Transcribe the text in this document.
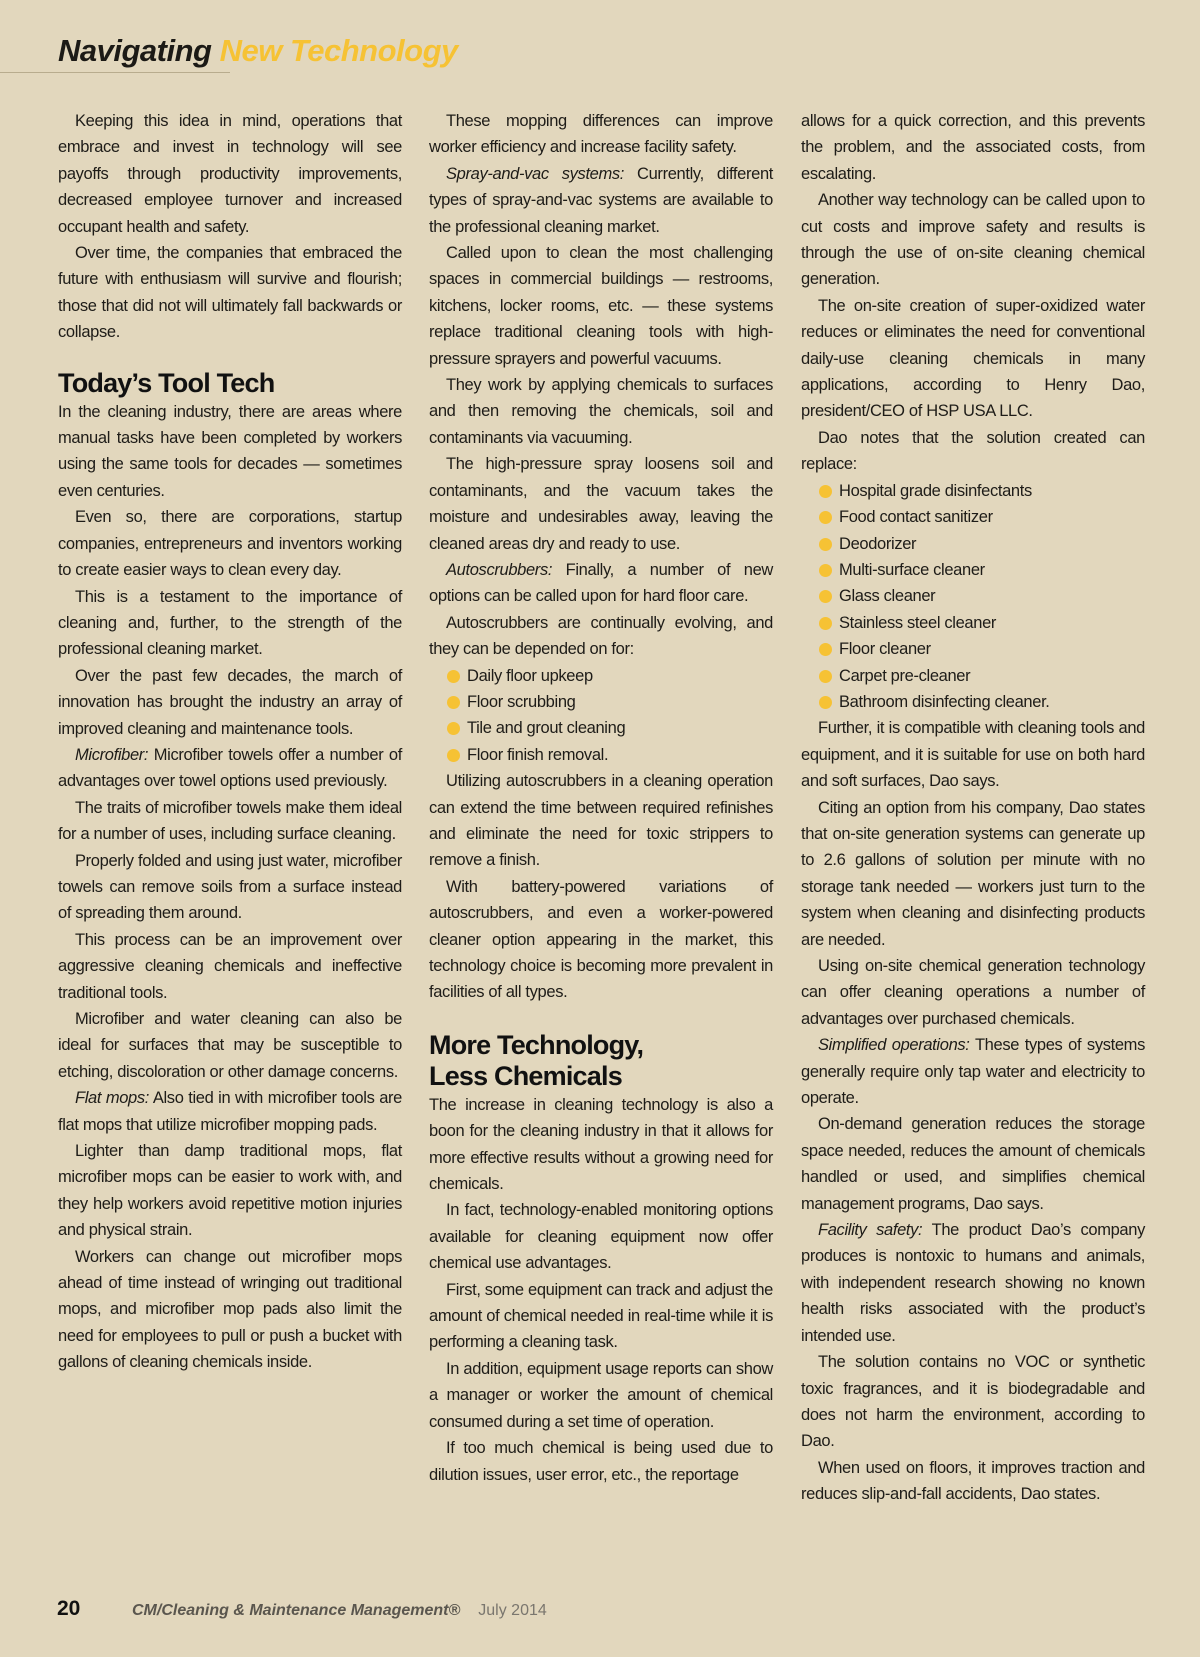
Navigating New Technology

Keeping this idea in mind, operations that embrace and invest in technology will see payoffs through productivity improvements, decreased employee turnover and increased occupant health and safety.

Over time, the companies that embraced the future with enthusiasm will survive and flourish; those that did not will ultimately fall backwards or collapse.

Today’s Tool Tech

In the cleaning industry, there are areas where manual tasks have been completed by workers using the same tools for decades — sometimes even centuries.

Even so, there are corporations, startup companies, entrepreneurs and inventors working to create easier ways to clean every day.

This is a testament to the importance of cleaning and, further, to the strength of the professional cleaning market.

Over the past few decades, the march of innovation has brought the industry an array of improved cleaning and maintenance tools.

Microfiber: Microfiber towels offer a number of advantages over towel options used previously.

The traits of microfiber towels make them ideal for a number of uses, including surface cleaning.

Properly folded and using just water, microfiber towels can remove soils from a surface instead of spreading them around.

This process can be an improvement over aggressive cleaning chemicals and ineffective traditional tools.

Microfiber and water cleaning can also be ideal for surfaces that may be susceptible to etching, discoloration or other damage concerns.

Flat mops: Also tied in with microfiber tools are flat mops that utilize microfiber mopping pads.

Lighter than damp traditional mops, flat microfiber mops can be easier to work with, and they help workers avoid repetitive motion injuries and physical strain.

Workers can change out microfiber mops ahead of time instead of wringing out traditional mops, and microfiber mop pads also limit the need for employees to pull or push a bucket with gallons of cleaning chemicals inside.

These mopping differences can improve worker efficiency and increase facility safety.

Spray-and-vac systems: Currently, different types of spray-and-vac systems are available to the professional cleaning market.

Called upon to clean the most challenging spaces in commercial buildings — restrooms, kitchens, locker rooms, etc. — these systems replace traditional cleaning tools with high-pressure sprayers and powerful vacuums.

They work by applying chemicals to surfaces and then removing the chemicals, soil and contaminants via vacuuming.

The high-pressure spray loosens soil and contaminants, and the vacuum takes the moisture and undesirables away, leaving the cleaned areas dry and ready to use.

Autoscrubbers: Finally, a number of new options can be called upon for hard floor care.

Autoscrubbers are continually evolving, and they can be depended on for:

Daily floor upkeep
Floor scrubbing
Tile and grout cleaning
Floor finish removal.

Utilizing autoscrubbers in a cleaning operation can extend the time between required refinishes and eliminate the need for toxic strippers to remove a finish.

With battery-powered variations of autoscrubbers, and even a worker-powered cleaner option appearing in the market, this technology choice is becoming more prevalent in facilities of all types.

More Technology,
Less Chemicals

The increase in cleaning technology is also a boon for the cleaning industry in that it allows for more effective results without a growing need for chemicals.

In fact, technology-enabled monitoring options available for cleaning equipment now offer chemical use advantages.

First, some equipment can track and adjust the amount of chemical needed in real-time while it is performing a cleaning task.

In addition, equipment usage reports can show a manager or worker the amount of chemical consumed during a set time of operation.

If too much chemical is being used due to dilution issues, user error, etc., the reportage

allows for a quick correction, and this prevents the problem, and the associated costs, from escalating.

Another way technology can be called upon to cut costs and improve safety and results is through the use of on-site cleaning chemical generation.

The on-site creation of super-oxidized water reduces or eliminates the need for conventional daily-use cleaning chemicals in many applications, according to Henry Dao, president/CEO of HSP USA LLC.

Dao notes that the solution created can replace:

Hospital grade disinfectants
Food contact sanitizer
Deodorizer
Multi-surface cleaner
Glass cleaner
Stainless steel cleaner
Floor cleaner
Carpet pre-cleaner
Bathroom disinfecting cleaner.

Further, it is compatible with cleaning tools and equipment, and it is suitable for use on both hard and soft surfaces, Dao says.

Citing an option from his company, Dao states that on-site generation systems can generate up to 2.6 gallons of solution per minute with no storage tank needed — workers just turn to the system when cleaning and disinfecting products are needed.

Using on-site chemical generation technology can offer cleaning operations a number of advantages over purchased chemicals.

Simplified operations: These types of systems generally require only tap water and electricity to operate.

On-demand generation reduces the storage space needed, reduces the amount of chemicals handled or used, and simplifies chemical management programs, Dao says.

Facility safety: The product Dao’s company produces is nontoxic to humans and animals, with independent research showing no known health risks associated with the product’s intended use.

The solution contains no VOC or synthetic toxic fragrances, and it is biodegradable and does not harm the environment, according to Dao.

When used on floors, it improves traction and reduces slip-and-fall accidents, Dao states.

20	CM/Cleaning & Maintenance Management® July 2014
